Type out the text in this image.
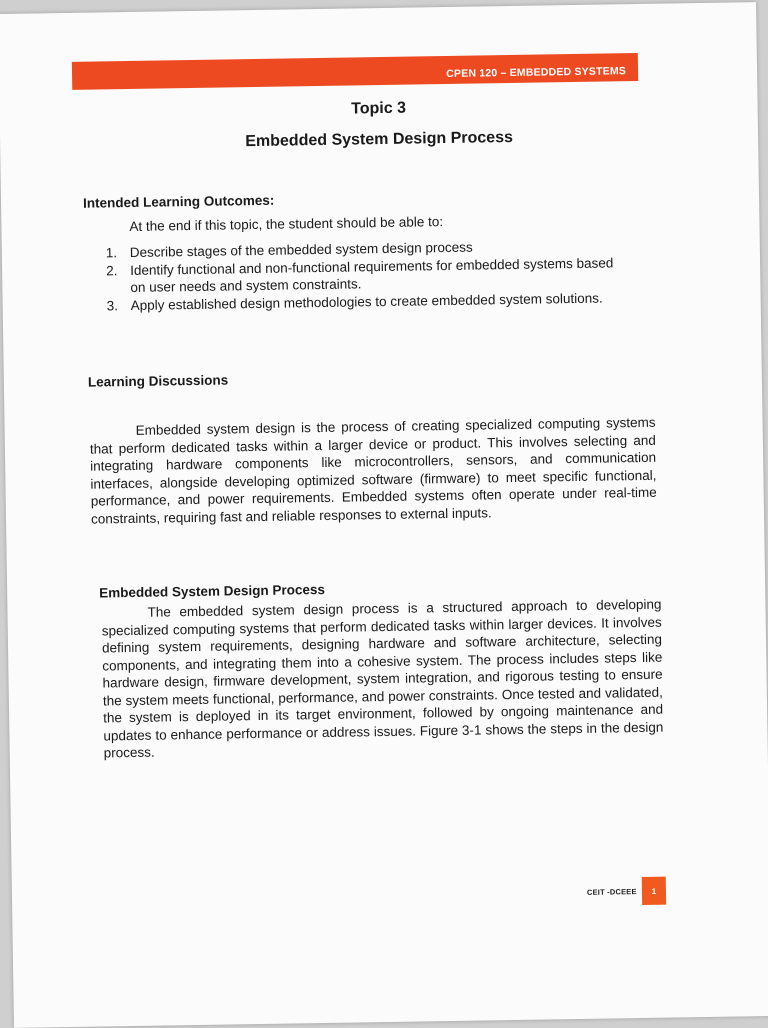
CPEN 120 – EMBEDDED SYSTEMS
Topic 3
Embedded System Design Process
Intended Learning Outcomes:
At the end if this topic, the student should be able to:
1. Describe stages of the embedded system design process
2. Identify functional and non-functional requirements for embedded systems based on user needs and system constraints.
3. Apply established design methodologies to create embedded system solutions.
Learning Discussions

Embedded system design is the process of creating specialized computing systems that perform dedicated tasks within a larger device or product. This involves selecting and integrating hardware components like microcontrollers, sensors, and communication interfaces, alongside developing optimized software (firmware) to meet specific functional, performance, and power requirements. Embedded systems often operate under real-time constraints, requiring fast and reliable responses to external inputs.

Embedded System Design Process

The embedded system design process is a structured approach to developing specialized computing systems that perform dedicated tasks within larger devices. It involves defining system requirements, designing hardware and software architecture, selecting components, and integrating them into a cohesive system. The process includes steps like hardware design, firmware development, system integration, and rigorous testing to ensure the system meets functional, performance, and power constraints. Once tested and validated, the system is deployed in its target environment, followed by ongoing maintenance and updates to enhance performance or address issues. Figure 3-1 shows the steps in the design process.

CEIT -DCEEE 1
